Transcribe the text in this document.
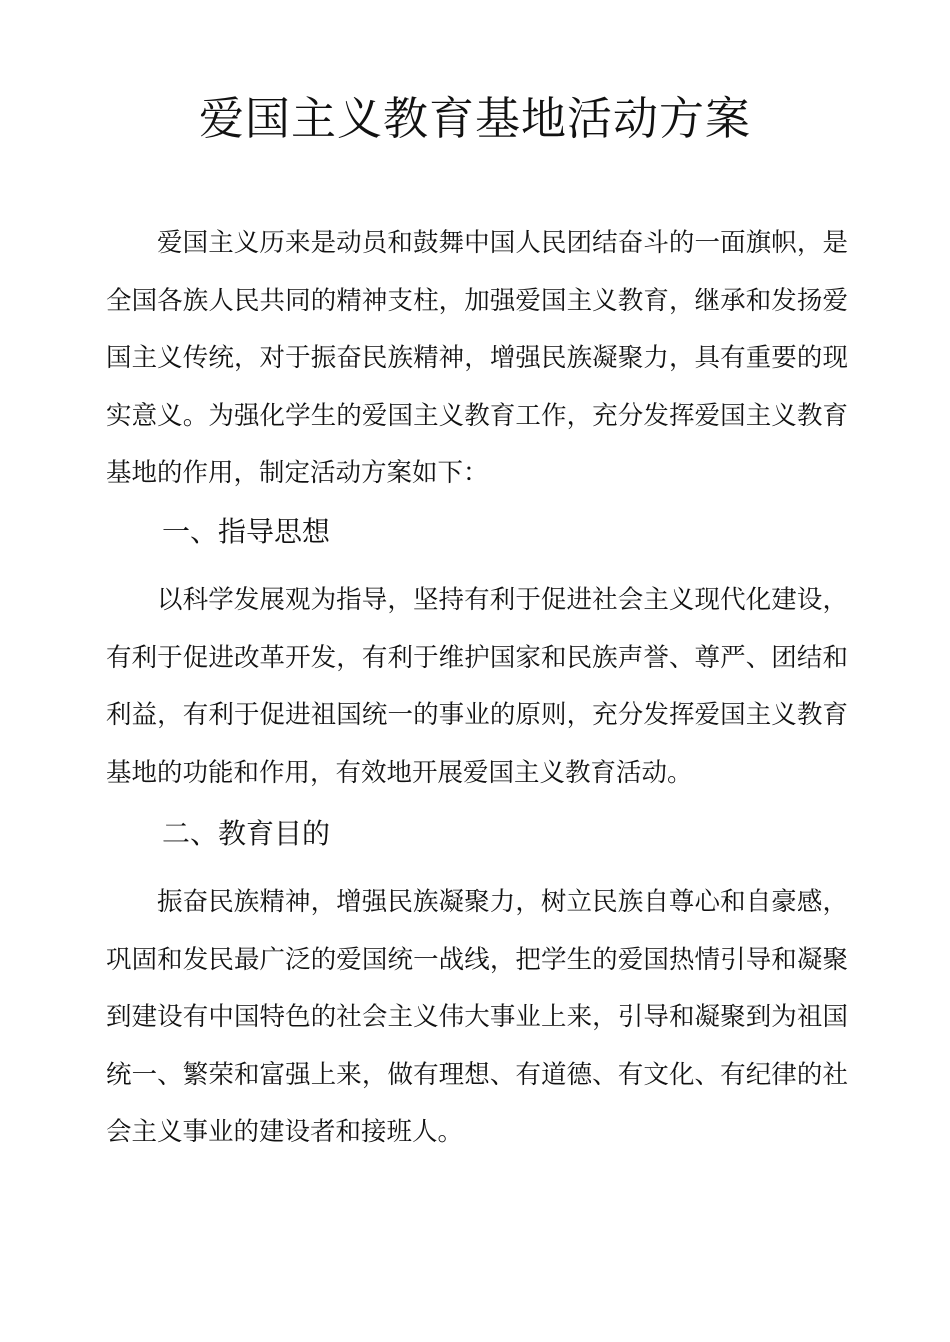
爱国主义教育基地活动方案

爱国主义历来是动员和鼓舞中国人民团结奋斗的一面旗帜，是全国各族人民共同的精神支柱，加强爱国主义教育，继承和发扬爱国主义传统，对于振奋民族精神，增强民族凝聚力，具有重要的现实意义。为强化学生的爱国主义教育工作，充分发挥爱国主义教育基地的作用，制定活动方案如下：

一、指导思想

以科学发展观为指导，坚持有利于促进社会主义现代化建设，有利于促进改革开发，有利于维护国家和民族声誉、尊严、团结和利益，有利于促进祖国统一的事业的原则，充分发挥爱国主义教育基地的功能和作用，有效地开展爱国主义教育活动。

二、教育目的

振奋民族精神，增强民族凝聚力，树立民族自尊心和自豪感，巩固和发民最广泛的爱国统一战线，把学生的爱国热情引导和凝聚到建设有中国特色的社会主义伟大事业上来，引导和凝聚到为祖国统一、繁荣和富强上来，做有理想、有道德、有文化、有纪律的社会主义事业的建设者和接班人。
